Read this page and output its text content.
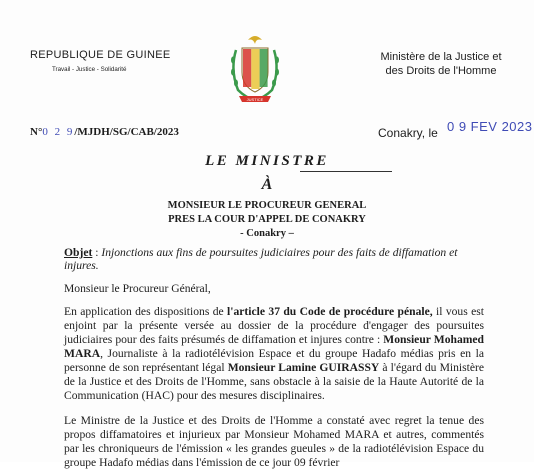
REPUBLIQUE DE GUINEE
Travail - Justice - Solidarité
JUSTICE
Ministère de la Justice et
des Droits de l'Homme
N°0 2 9/MJDH/SG/CAB/2023	Conakry, le 0 9 FEV 2023
LE MINISTRE
À
MONSIEUR LE PROCUREUR GENERAL
PRES LA COUR D'APPEL DE CONAKRY
- Conakry –
Objet : Injonctions aux fins de poursuites judiciaires pour des faits de diffamation et injures.
Monsieur le Procureur Général,
En application des dispositions de l'article 37 du Code de procédure pénale, il vous est enjoint par la présente versée au dossier de la procédure d'engager des poursuites judiciaires pour des faits présumés de diffamation et injures contre : Monsieur Mohamed MARA, Journaliste à la radiotélévision Espace et du groupe Hadafo médias pris en la personne de son représentant légal Monsieur Lamine GUIRASSY à l'égard du Ministère de la Justice et des Droits de l'Homme, sans obstacle à la saisie de la Haute Autorité de la Communication (HAC) pour des mesures disciplinaires.
Le Ministre de la Justice et des Droits de l'Homme a constaté avec regret la tenue des propos diffamatoires et injurieux par Monsieur Mohamed MARA et autres, commentés par les chroniqueurs de l'émission « les grandes gueules » de la radiotélévision Espace du groupe Hadafo médias dans l'émission de ce jour 09 février
